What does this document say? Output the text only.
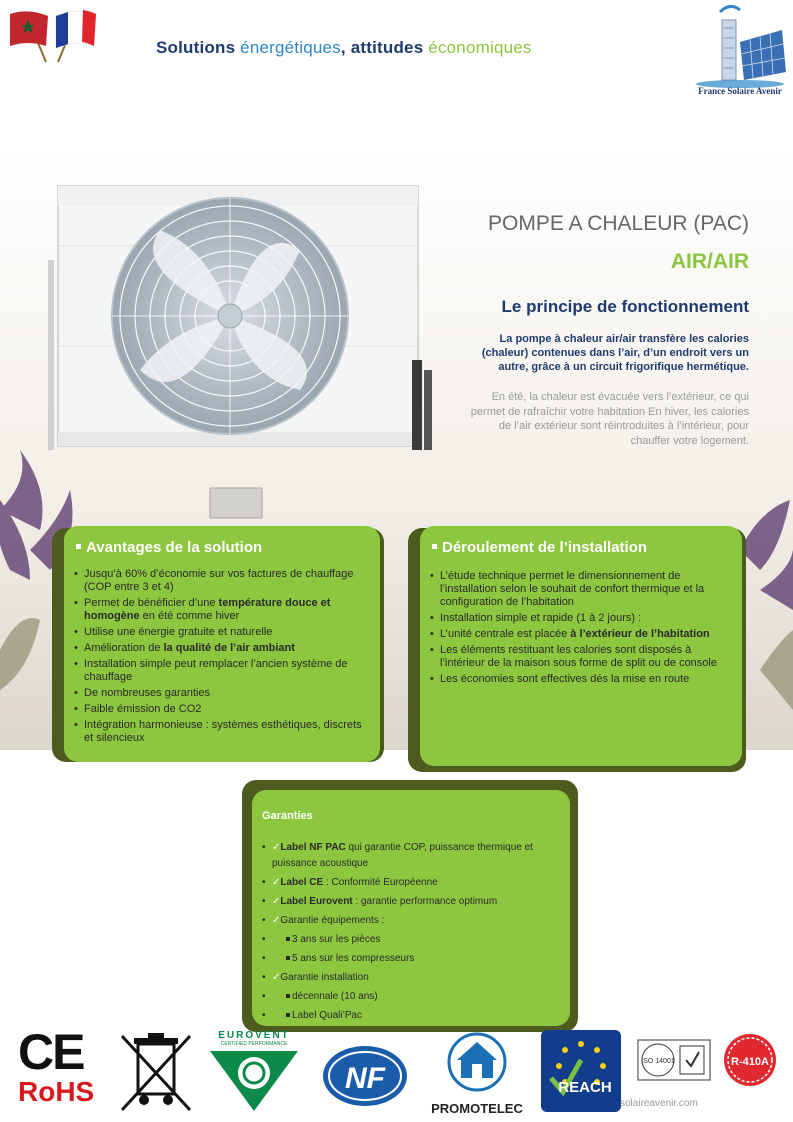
Solutions énergétiques, attitudes économiques
France Solaire Avenir
POMPE A CHALEUR (PAC)
AIR/AIR
Le principe de fonctionnement
La pompe à chaleur air/air transfère les calories (chaleur) contenues dans l’air, d’un endroit vers un autre, grâce à un circuit frigorifique hermétique.
En été, la chaleur est évacuée vers l’extérieur, ce qui permet de rafraîchir votre habitation En hiver, les calories de l’air extérieur sont réintroduites à l’intérieur, pour chauffer votre logement.
Avantages de la solution
• Jusqu’à 60% d’économie sur vos factures de chauffage (COP entre 3 et 4)
• Permet de bénéficier d’une température douce et homogène en été comme hiver
• Utilise une énergie gratuite et naturelle
• Amélioration de la qualité de l’air ambiant
• Installation simple peut remplacer l’ancien système de chauffage
• De nombreuses garanties
• Faible émission de CO2
• Intégration harmonieuse : systèmes esthétiques, discrets et silencieux
Déroulement de l’installation
• L’étude technique permet le dimensionnement de l’installation selon le souhait de confort thermique et la configuration de l’habitation
• Installation simple et rapide (1 à 2 jours) :
• L’unité centrale est placée à l’extérieur de l’habitation
• Les éléments restituant les calories sont disposés à l’intérieur de la maison sous forme de split ou de console
• Les économies sont effectives dés la mise en route
Garanties
• ✓Label NF PAC qui garantie COP, puissance thermique et puissance acoustique
• ✓Label CE : Conformité Européenne
• ✓Label Eurovent : garantie performance optimum
• ✓Garantie équipements :
• 3 ans sur les pièces
• 5 ans sur les compresseurs
• ✓Garantie installation
• décennale (10 ans)
• Label Quali’Pac
CE
RoHS
EUROVENT
CERTIFIED PERFORMANCE
NF
PROMOTELEC
REACH
ISO 14001	R-410A
solaireavenir.com
